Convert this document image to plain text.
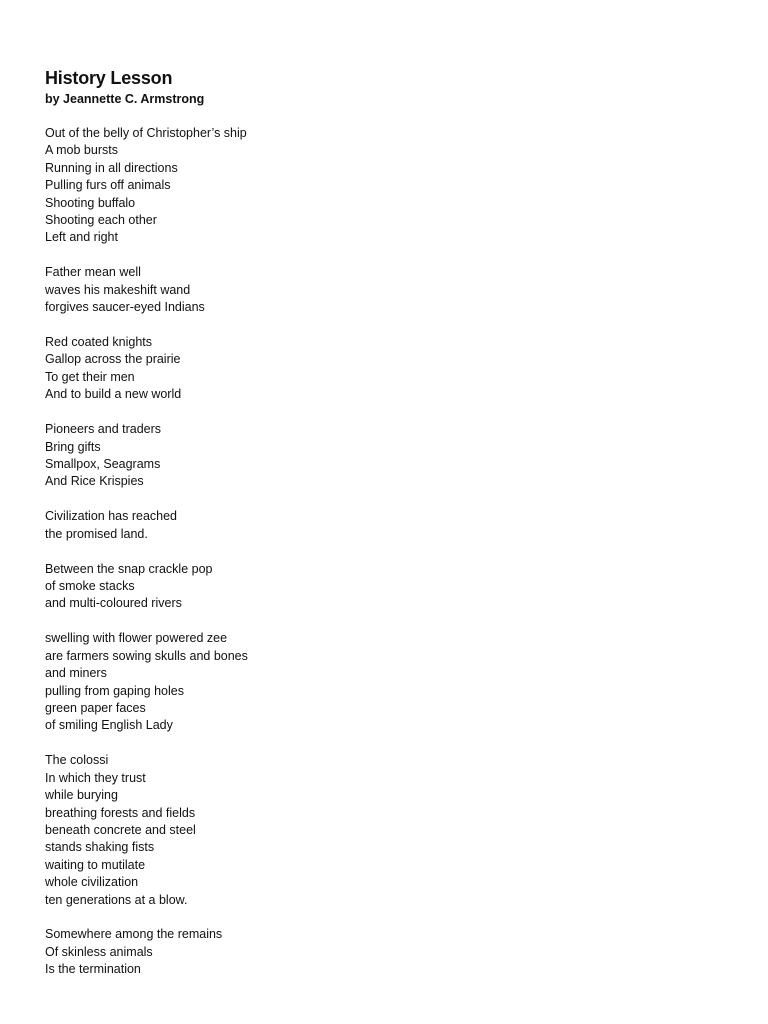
History Lesson
by Jeannette C. Armstrong
Out of the belly of Christopher’s ship
A mob bursts
Running in all directions
Pulling furs off animals
Shooting buffalo
Shooting each other
Left and right
Father mean well
waves his makeshift wand
forgives saucer-eyed Indians
Red coated knights
Gallop across the prairie
To get their men
And to build a new world
Pioneers and traders
Bring gifts
Smallpox, Seagrams
And Rice Krispies
Civilization has reached
the promised land.
Between the snap crackle pop
of smoke stacks
and multi-coloured rivers
swelling with flower powered zee
are farmers sowing skulls and bones
and miners
pulling from gaping holes
green paper faces
of smiling English Lady
The colossi
In which they trust
while burying
breathing forests and fields
beneath concrete and steel
stands shaking fists
waiting to mutilate
whole civilization
ten generations at a blow.
Somewhere among the remains
Of skinless animals
Is the termination
